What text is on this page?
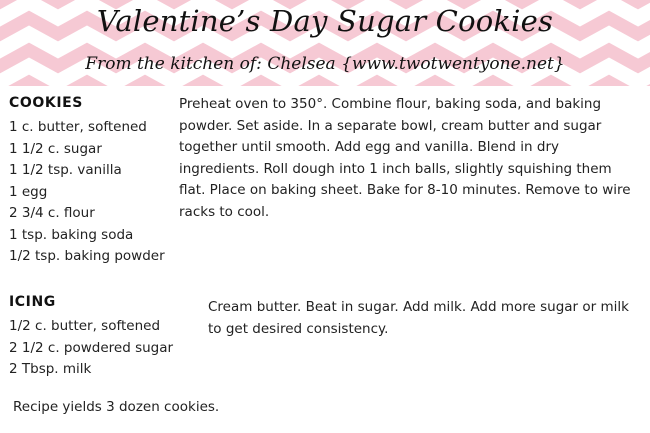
Valentine’s Day Sugar Cookies
From the kitchen of: Chelsea {www.twotwentyone.net}
COOKIES
1 c. butter, softened
1 1/2 c. sugar
1 1/2 tsp. vanilla
1 egg
2 3/4 c. flour
1 tsp. baking soda
1/2 tsp. baking powder

Preheat oven to 350°. Combine flour, baking soda, and baking powder. Set aside. In a separate bowl, cream butter and sugar together until smooth. Add egg and vanilla. Blend in dry ingredients. Roll dough into 1 inch balls, slightly squishing them flat. Place on baking sheet. Bake for 8-10 minutes. Remove to wire racks to cool.

ICING
1/2 c. butter, softened
2 1/2 c. powdered sugar
2 Tbsp. milk

Cream butter. Beat in sugar. Add milk. Add more sugar or milk to get desired consistency.

Recipe yields 3 dozen cookies.
